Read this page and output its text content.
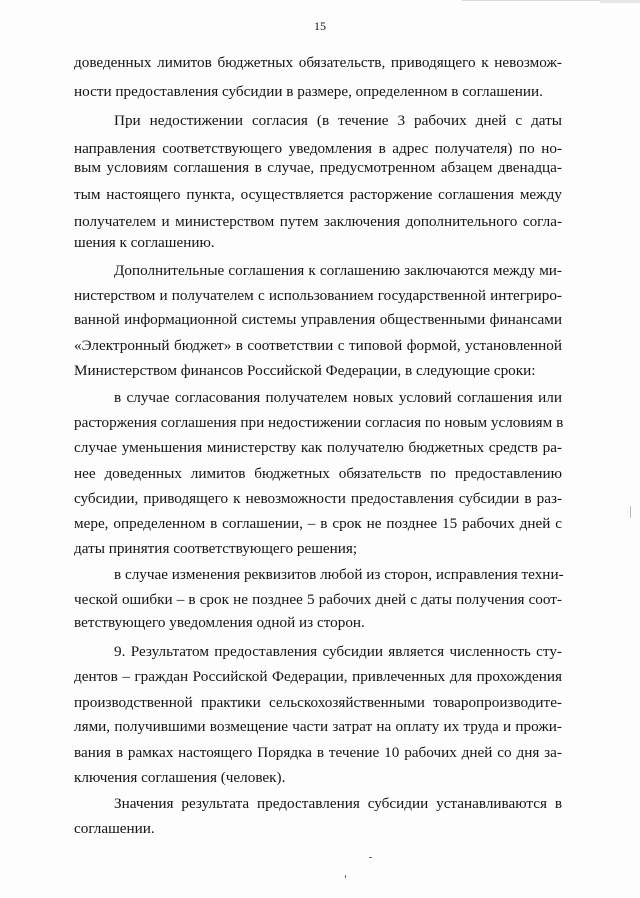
15
доведенных лимитов бюджетных обязательств, приводящего к невозмож-
ности предоставления субсидии в размере, определенном в соглашении.
При недостижении согласия (в течение 3 рабочих дней с даты
направления соответствующего уведомления в адрес получателя) по но-
вым условиям соглашения в случае, предусмотренном абзацем двенадца-
тым настоящего пункта, осуществляется расторжение соглашения между
получателем и министерством путем заключения дополнительного согла-
шения к соглашению.
Дополнительные соглашения к соглашению заключаются между ми-
нистерством и получателем с использованием государственной интегриро-
ванной информационной системы управления общественными финансами
«Электронный бюджет» в соответствии с типовой формой, установленной
Министерством финансов Российской Федерации, в следующие сроки:
в случае согласования получателем новых условий соглашения или
расторжения соглашения при недостижении согласия по новым условиям в
случае уменьшения министерству как получателю бюджетных средств ра-
нее доведенных лимитов бюджетных обязательств по предоставлению
субсидии, приводящего к невозможности предоставления субсидии в раз-
мере, определенном в соглашении, – в срок не позднее 15 рабочих дней с
даты принятия соответствующего решения;
в случае изменения реквизитов любой из сторон, исправления техни-
ческой ошибки – в срок не позднее 5 рабочих дней с даты получения соот-
ветствующего уведомления одной из сторон.
9. Результатом предоставления субсидии является численность сту-
дентов – граждан Российской Федерации, привлеченных для прохождения
производственной практики сельскохозяйственными товаропроизводите-
лями, получившими возмещение части затрат на оплату их труда и прожи-
вания в рамках настоящего Порядка в течение 10 рабочих дней со дня за-
ключения соглашения (человек).
Значения результата предоставления субсидии устанавливаются в
соглашении.
